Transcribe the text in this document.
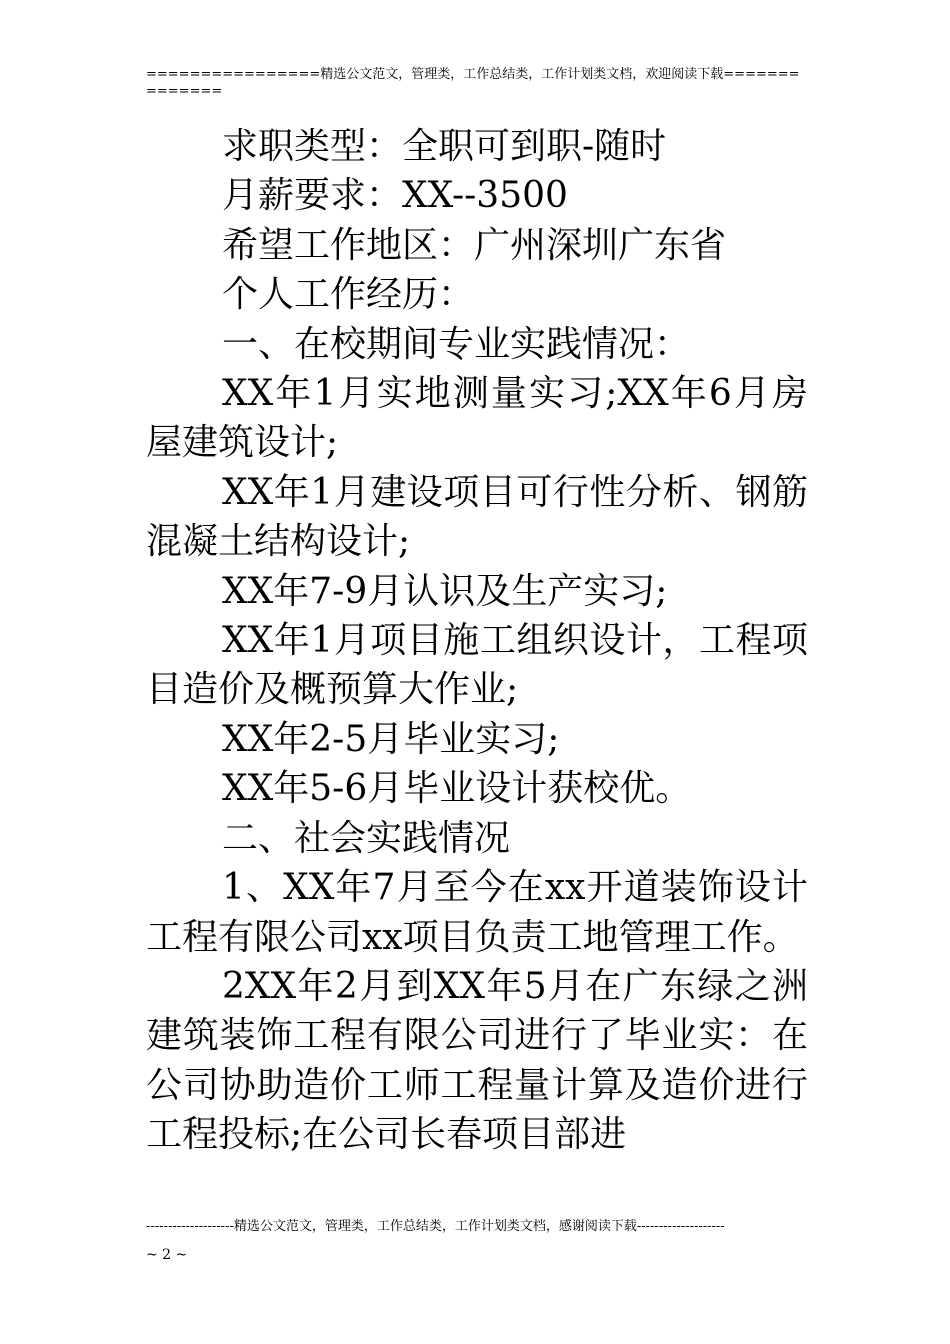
================精选公文范文，管理类，工作总结类，工作计划类文档，欢迎阅读下载==============

求职类型：全职可到职-随时

月薪要求：XX--3500

希望工作地区：广州深圳广东省

个人工作经历：

一、在校期间专业实践情况：

XX年1月实地测量实习;XX年6月房屋建筑设计;

XX年1月建设项目可行性分析、钢筋混凝土结构设计;

XX年7-9月认识及生产实习;

XX年1月项目施工组织设计，工程项目造价及概预算大作业;

XX年2-5月毕业实习;

XX年5-6月毕业设计获校优。

二、社会实践情况

1、XX年7月至今在xx开道装饰设计工程有限公司xx项目负责工地管理工作。

2XX年2月到XX年5月在广东绿之洲建筑装饰工程有限公司进行了毕业实：在公司协助造价工师工程量计算及造价进行工程投标;在公司长春项目部进

--------------------精选公文范文，管理类，工作总结类，工作计划类文档，感谢阅读下载--------------------
~ 2 ~
